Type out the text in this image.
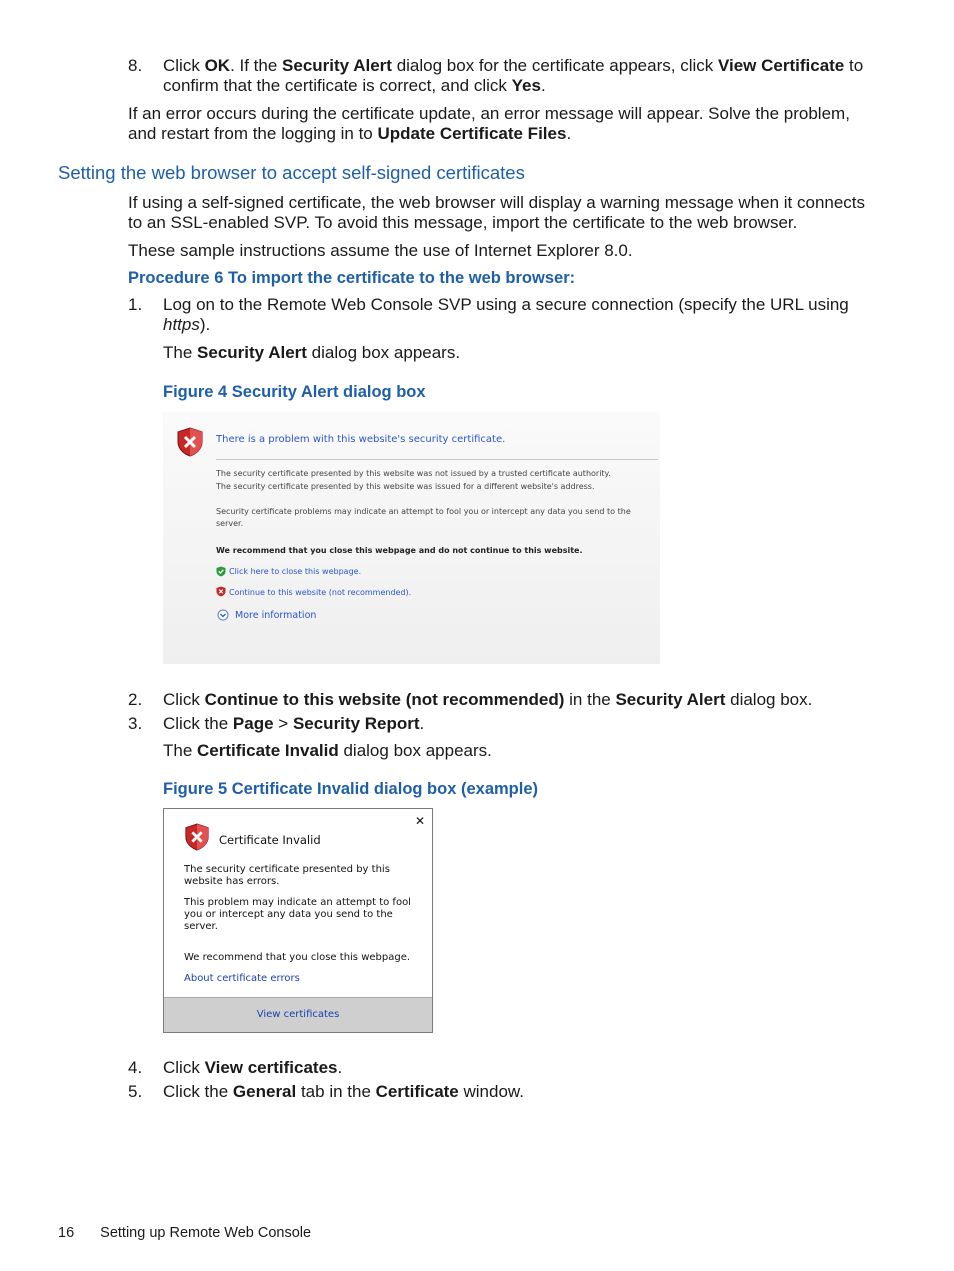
8.	Click OK. If the Security Alert dialog box for the certificate appears, click View Certificate to
confirm that the certificate is correct, and click Yes.
If an error occurs during the certificate update, an error message will appear. Solve the problem,
and restart from the logging in to Update Certificate Files.
Setting the web browser to accept self-signed certificates
If using a self-signed certificate, the web browser will display a warning message when it connects
to an SSL-enabled SVP. To avoid this message, import the certificate to the web browser.
These sample instructions assume the use of Internet Explorer 8.0.
Procedure 6 To import the certificate to the web browser:
1.	Log on to the Remote Web Console SVP using a secure connection (specify the URL using
https).
The Security Alert dialog box appears.
Figure 4 Security Alert dialog box
There is a problem with this website's security certificate.
The security certificate presented by this website was not issued by a trusted certificate authority.
The security certificate presented by this website was issued for a different website's address.
Security certificate problems may indicate an attempt to fool you or intercept any data you send to the
server.
We recommend that you close this webpage and do not continue to this website.
Click here to close this webpage.
Continue to this website (not recommended).
More information
2.	Click Continue to this website (not recommended) in the Security Alert dialog box.
3.	Click the Page > Security Report.
The Certificate Invalid dialog box appears.
Figure 5 Certificate Invalid dialog box (example)
✕
Certificate Invalid
The security certificate presented by this
website has errors.
This problem may indicate an attempt to fool
you or intercept any data you send to the
server.
We recommend that you close this webpage.
About certificate errors
View certificates
4.	Click View certificates.
5.	Click the General tab in the Certificate window.
16 Setting up Remote Web Console
